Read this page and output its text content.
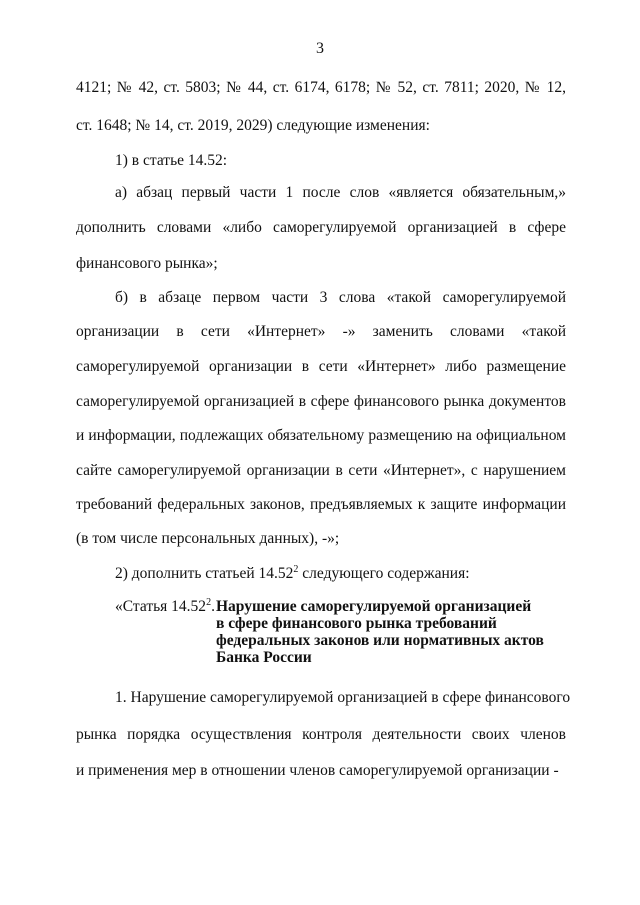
3
4121; № 42, ст. 5803; № 44, ст. 6174, 6178; № 52, ст. 7811; 2020, № 12,
ст. 1648; № 14, ст. 2019, 2029) следующие изменения:
1) в статье 14.52:
а) абзац первый части 1 после слов «является обязательным,»
дополнить словами «либо саморегулируемой организацией в сфере
финансового рынка»;
б) в абзаце первом части 3 слова «такой саморегулируемой
организации в сети «Интернет» -» заменить словами «такой
саморегулируемой организации в сети «Интернет» либо размещение
саморегулируемой организацией в сфере финансового рынка документов
и информации, подлежащих обязательному размещению на официальном
сайте саморегулируемой организации в сети «Интернет», с нарушением
требований федеральных законов, предъявляемых к защите информации
(в том числе персональных данных), -»;
2) дополнить статьей 14.52$^2$ следующего содержания:
«Статья 14.52$^2$. Нарушение саморегулируемой организацией
в сфере финансового рынка требований
федеральных законов или нормативных актов
Банка России
1. Нарушение саморегулируемой организацией в сфере финансового
рынка порядка осуществления контроля деятельности своих членов
и применения мер в отношении членов саморегулируемой организации -
